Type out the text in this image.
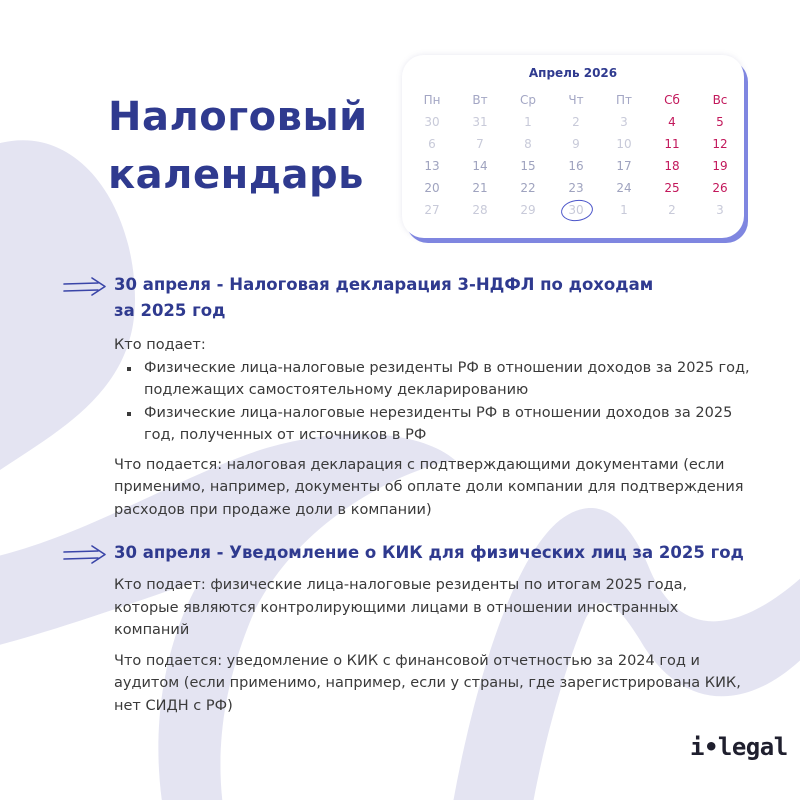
Налоговый
календарь
Апрель 2026
Пн	Вт	Ср	Чт	Пт	Сб	Вс
30	31	1	2	3	4	5
6	7	8	9	10	11	12
13	14	15	16	17	18	19
20	21	22	23	24	25	26
27	28	29	30	1	2	3
30 апреля - Налоговая декларация 3-НДФЛ по доходам
за 2025 год
Кто подает:
Физические лица-налоговые резиденты РФ в отношении доходов за 2025 год, подлежащих самостоятельному декларированию
Физические лица-налоговые нерезиденты РФ в отношении доходов за 2025 год, полученных от источников в РФ
Что подается: налоговая декларация с подтверждающими документами (если применимо, например, документы об оплате доли компании для подтверждения расходов при продаже доли в компании)
30 апреля - Уведомление о КИК для физических лиц за 2025 год
Кто подает: физические лица-налоговые резиденты по итогам 2025 года, которые являются контролирующими лицами в отношении иностранных компаний
Что подается: уведомление о КИК с финансовой отчетностью за 2024 год и аудитом (если применимо, например, если у страны, где зарегистрирована КИК, нет СИДН с РФ)
i•legal
